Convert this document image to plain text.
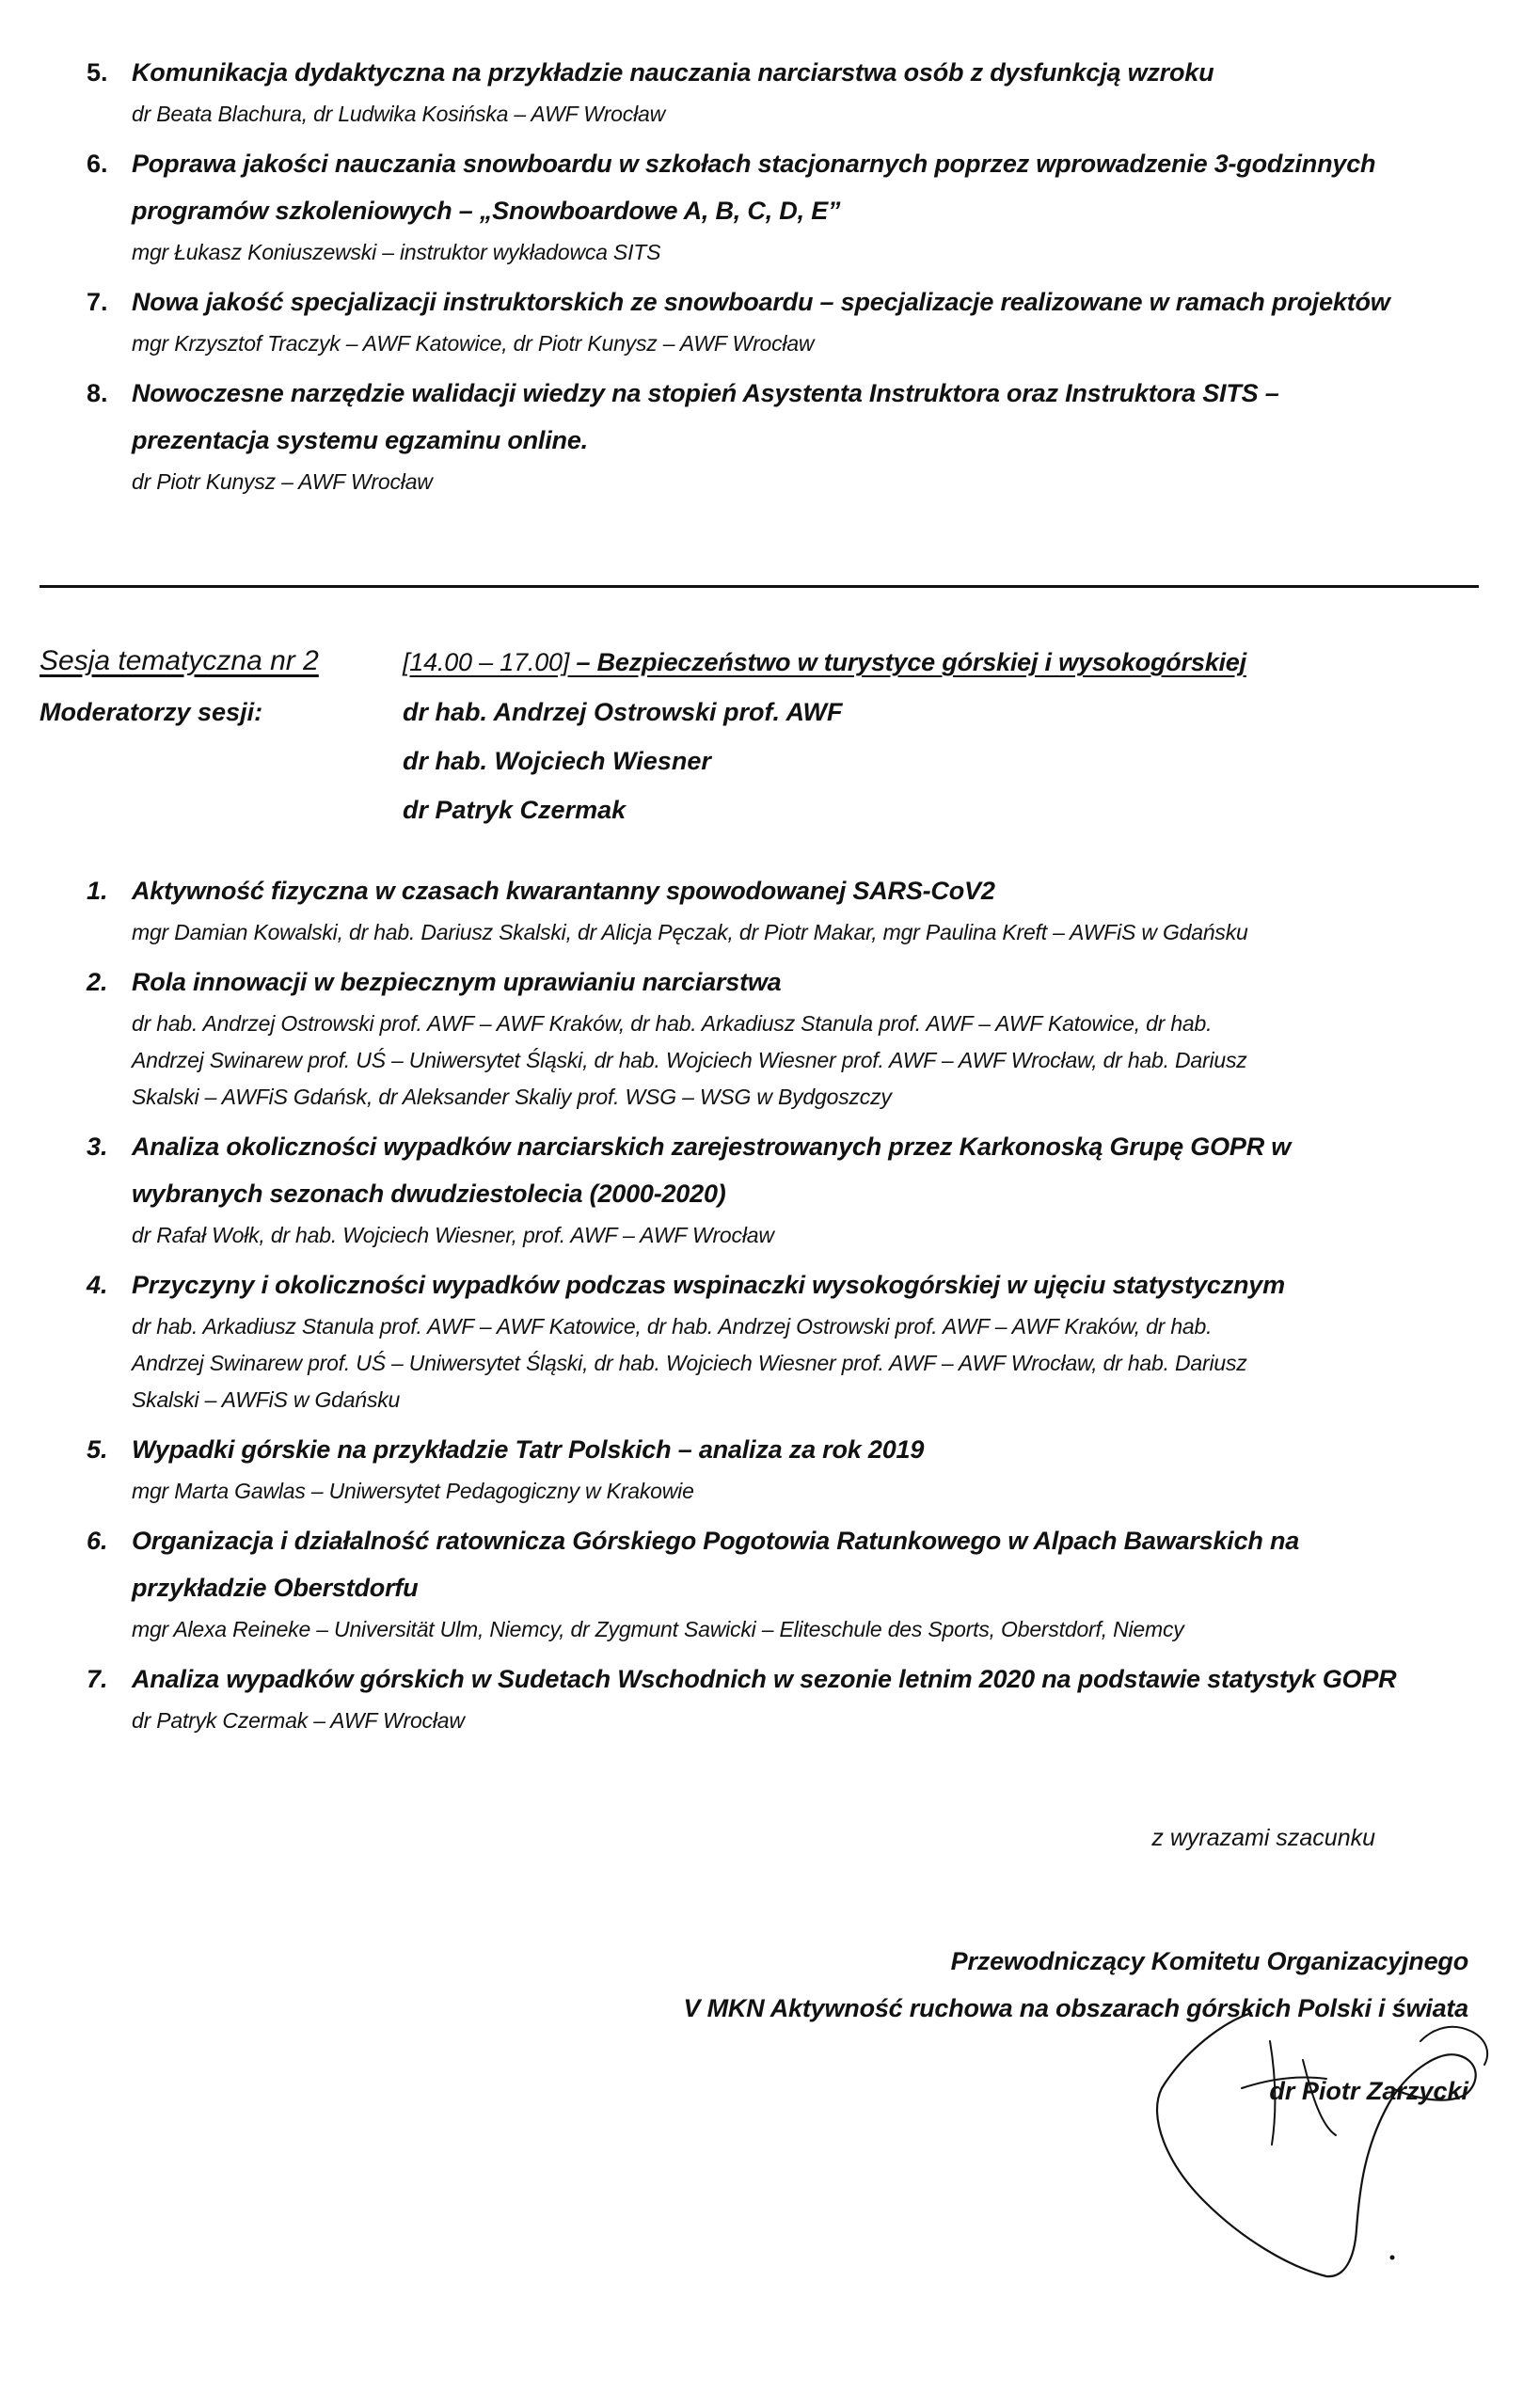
5. Komunikacja dydaktyczna na przykładzie nauczania narciarstwa osób z dysfunkcją wzroku
dr Beata Blachura, dr Ludwika Kosińska – AWF Wrocław
6. Poprawa jakości nauczania snowboardu w szkołach stacjonarnych poprzez wprowadzenie 3-godzinnych
programów szkoleniowych – „Snowboardowe A, B, C, D, E”
mgr Łukasz Koniuszewski – instruktor wykładowca SITS
7. Nowa jakość specjalizacji instruktorskich ze snowboardu – specjalizacje realizowane w ramach projektów
mgr Krzysztof Traczyk – AWF Katowice, dr Piotr Kunysz – AWF Wrocław
8. Nowoczesne narzędzie walidacji wiedzy na stopień Asystenta Instruktora oraz Instruktora SITS –
prezentacja systemu egzaminu online.
dr Piotr Kunysz – AWF Wrocław
Sesja tematyczna nr 2	[14.00 – 17.00] – Bezpieczeństwo w turystyce górskiej i wysokogórskiej
Moderatorzy sesji:	dr hab. Andrzej Ostrowski prof. AWF
dr hab. Wojciech Wiesner
dr Patryk Czermak
1. Aktywność fizyczna w czasach kwarantanny spowodowanej SARS-CoV2
mgr Damian Kowalski, dr hab. Dariusz Skalski, dr Alicja Pęczak, dr Piotr Makar, mgr Paulina Kreft – AWFiS w Gdańsku
2. Rola innowacji w bezpiecznym uprawianiu narciarstwa
dr hab. Andrzej Ostrowski prof. AWF – AWF Kraków, dr hab. Arkadiusz Stanula prof. AWF – AWF Katowice, dr hab.
Andrzej Swinarew prof. UŚ – Uniwersytet Śląski, dr hab. Wojciech Wiesner prof. AWF – AWF Wrocław, dr hab. Dariusz
Skalski – AWFiS Gdańsk, dr Aleksander Skaliy prof. WSG – WSG w Bydgoszczy
3. Analiza okoliczności wypadków narciarskich zarejestrowanych przez Karkonoską Grupę GOPR w
wybranych sezonach dwudziestolecia (2000-2020)
dr Rafał Wołk, dr hab. Wojciech Wiesner, prof. AWF – AWF Wrocław
4. Przyczyny i okoliczności wypadków podczas wspinaczki wysokogórskiej w ujęciu statystycznym
dr hab. Arkadiusz Stanula prof. AWF – AWF Katowice, dr hab. Andrzej Ostrowski prof. AWF – AWF Kraków, dr hab.
Andrzej Swinarew prof. UŚ – Uniwersytet Śląski, dr hab. Wojciech Wiesner prof. AWF – AWF Wrocław, dr hab. Dariusz
Skalski – AWFiS w Gdańsku
5. Wypadki górskie na przykładzie Tatr Polskich – analiza za rok 2019
mgr Marta Gawlas – Uniwersytet Pedagogiczny w Krakowie
6. Organizacja i działalność ratownicza Górskiego Pogotowia Ratunkowego w Alpach Bawarskich na
przykładzie Oberstdorfu
mgr Alexa Reineke – Universität Ulm, Niemcy, dr Zygmunt Sawicki – Eliteschule des Sports, Oberstdorf, Niemcy
7. Analiza wypadków górskich w Sudetach Wschodnich w sezonie letnim 2020 na podstawie statystyk GOPR
dr Patryk Czermak – AWF Wrocław
z wyrazami szacunku
Przewodniczący Komitetu Organizacyjnego
V MKN Aktywność ruchowa na obszarach górskich Polski i świata
dr Piotr Zarzycki
